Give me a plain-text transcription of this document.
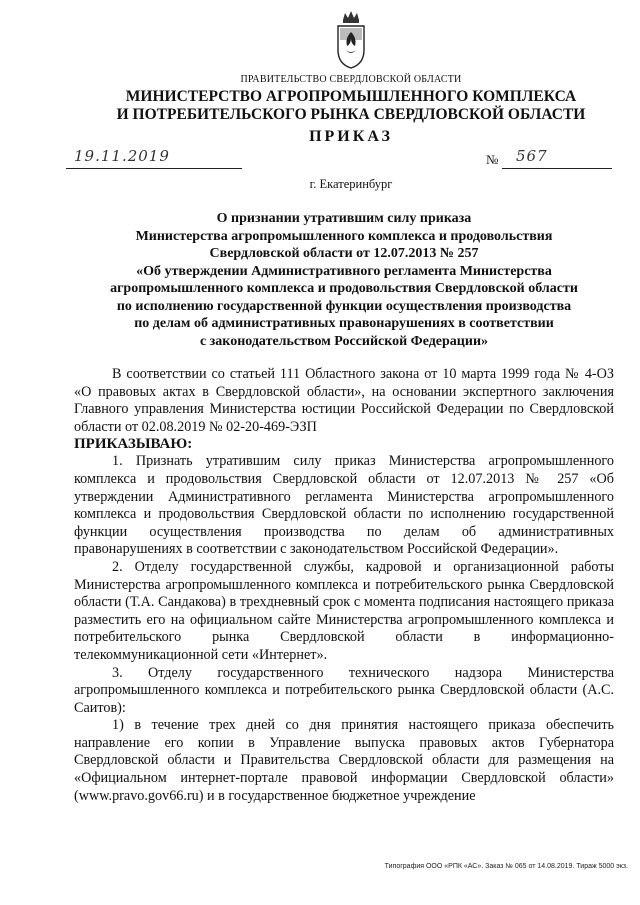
ПРАВИТЕЛЬСТВО СВЕРДЛОВСКОЙ ОБЛАСТИ
МИНИСТЕРСТВО АГРОПРОМЫШЛЕННОГО КОМПЛЕКСА
И ПОТРЕБИТЕЛЬСКОГО РЫНКА СВЕРДЛОВСКОЙ ОБЛАСТИ
ПРИКАЗ
19.11.2019	№ 567
г. Екатеринбург
О признании утратившим силу приказа
Министерства агропромышленного комплекса и продовольствия
Свердловской области от 12.07.2013 № 257
«Об утверждении Административного регламента Министерства
агропромышленного комплекса и продовольствия Свердловской области
по исполнению государственной функции осуществления производства
по делам об административных правонарушениях в соответствии
с законодательством Российской Федерации»

В соответствии со статьей 111 Областного закона от 10 марта 1999 года № 4-ОЗ «О правовых актах в Свердловской области», на основании экспертного заключения Главного управления Министерства юстиции Российской Федерации по Свердловской области от 02.08.2019 № 02-20-469-ЭЗП

ПРИКАЗЫВАЮ:

1. Признать утратившим силу приказ Министерства агропромышленного комплекса и продовольствия Свердловской области от 12.07.2013 № 257 «Об утверждении Административного регламента Министерства агропромышленного комплекса и продовольствия Свердловской области по исполнению государственной функции осуществления производства по делам об административных правонарушениях в соответствии с законодательством Российской Федерации».

2. Отделу государственной службы, кадровой и организационной работы Министерства агропромышленного комплекса и потребительского рынка Свердловской области (Т.А. Сандакова) в трехдневный срок с момента подписания настоящего приказа разместить его на официальном сайте Министерства агропромышленного комплекса и потребительского рынка Свердловской области в информационно-телекоммуникационной сети «Интернет».

3. Отделу государственного технического надзора Министерства агропромышленного комплекса и потребительского рынка Свердловской области (А.С. Саитов):

1) в течение трех дней со дня принятия настоящего приказа обеспечить направление его копии в Управление выпуска правовых актов Губернатора Свердловской области и Правительства Свердловской области для размещения на «Официальном интернет-портале правовой информации Свердловской области» (www.pravo.gov66.ru) и в государственное бюджетное учреждение

Типография ООО «РПК «АС». Заказ № 065 от 14.08.2019. Тираж 5000 экз.
